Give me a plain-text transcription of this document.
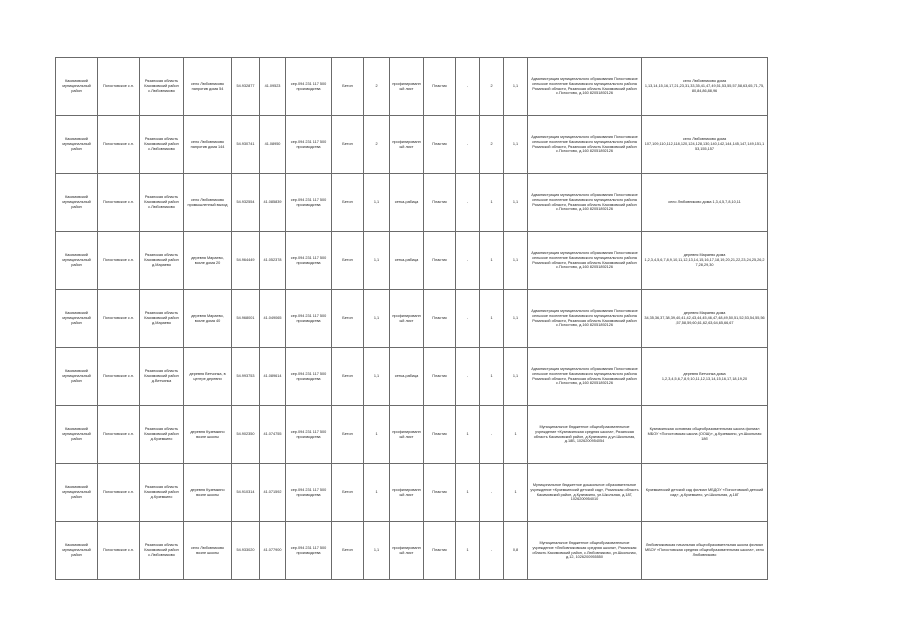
Касимовский муниципальный район	Погостовское с.п.	Рязанская область Касимовский район с.Любовниково	село Любовниково напротив дома 54	54.932877	41.09523	сер.094 231 117 500 производства	Бетон	2	профилированный лист	Пластик	-	2	1,1	Администрация муниципального образования Погостовское сельское поселение Касимовского муниципального района Рязанской области, Рязанская область Касимовский район с.Погостово, д.160 82051892126	село Любовниково дома 1,13,14,15,16,17,21,23,31,33,35,41,47,49,51,53,55,57,58,63,65,71,75,80,84,86,88,96
Касимовский муниципальный район	Погостовское с.п.	Рязанская область Касимовский район с.Любовниково	село Любовниково напротив дома 144	54.930741	41.08950	сер.094 231 117 500 производства	Бетон	2	профилированный лист	Пластик	-	2	1,1	Администрация муниципального образования Погостовское сельское поселение Касимовского муниципального района Рязанской области, Рязанская область Касимовский район с.Погостово, д.160 82051892126	село Любовниково дома 107,109,110,112,118,120,124,128,130,140,142,144,145,147,149,151,153,155,157
Касимовский муниципальный район	Погостовское с.п.	Рязанская область Касимовский район с.Любовниково	село Любовниково промышленный выход	54.932554	41.085839	сер.094 231 117 500 производства	Бетон	1,1	сетка-рабица	Пластик	-	1	1,1	Администрация муниципального образования Погостовское сельское поселение Касимовского муниципального района Рязанской области, Рязанская область Касимовский район с.Погостово, д.160 82051892126	село Любовниково дома 1,3,4,5,7,8,10,11
Касимовский муниципальный район	Погостовское с.п.	Рязанская область Касимовский район д.Мараево	деревня Мараево, возле дома 20	54.964449	41.052378	сер.094 231 117 500 производства	Бетон	1,1	сетка-рабица	Пластик	-	1	1,1	Администрация муниципального образования Погостовское сельское поселение Касимовского муниципального района Рязанской области, Рязанская область Касимовский район с.Погостово, д.160 82051892126	деревня Мараево дома 1,2,3,4,5,6,7,8,9,10,11,12,13,14,15,16,17,18,19,20,21,22,23,24,25,26,27,28,29,30
Касимовский муниципальный район	Погостовское с.п.	Рязанская область Касимовский район д.Мараево	деревня Мараево, возле дома 40	54.968001	41.049065	сер.094 231 117 500 производства	Бетон	1,1	профилированный лист	Пластик	-	1	1,1	Администрация муниципального образования Погостовское сельское поселение Касимовского муниципального района Рязанской области, Рязанская область Касимовский район с.Погостово, д.160 82051892126	деревня Мараево дома 34,35,36,37,38,39,40,41,42,43,44,45,46,47,48,49,50,51,52,53,54,55,56,57,58,59,60,61,62,63,64,65,66,67
Касимовский муниципальный район	Погостовское с.п.	Рязанская область Касимовский район д.Ветчинка	деревня Ветчинка, в центре деревни	54.993753	41.089614	сер.094 231 117 500 производства	Бетон	1,1	сетка-рабица	Пластик	-	1	1,1	Администрация муниципального образования Погостовское сельское поселение Касимовского муниципального района Рязанской области, Рязанская область Касимовский район с.Погостово, д.160 82051892126	деревня Ветчинка дома 1,2,3,4,5,6,7,8,9,10,11,12,13,14,15,16,17,18,19,20
Касимовский муниципальный район	Погостовское с.п.	Рязанская область Касимовский район д.Куземкино	деревня Куземкино возле школы	54.902350	41.074755	сер.094 231 117 500 производства	Бетон	1	профилированный лист	Пластик	1	-	1	Муниципальное бюджетное общеобразовательное учреждение «Куземкинская средняя школа», Рязанская область Касимовский район, д.Куземкино д.ул.Школьная, д.18Б, 1026200954054	Куземкинская основная общеобразовательная школа филиал МБОУ «Погостовская школа (ООШ)», д.Куземкино, ул.Школьная 18б
Касимовский муниципальный район	Погостовское с.п.	Рязанская область Касимовский район д.Куземкино	деревня Куземкино возле школы	54.910314	41.071592	сер.094 231 117 500 производства	Бетон	1	профилированный лист	Пластик	1	-	1	Муниципальное бюджетное дошкольное образовательное учреждение «Куземкинский детский сад», Рязанская область Касимовский район, д.Куземкино, ул.Школьная, д.18Г, 1026200954010	Куземкинский детский сад филиал МБДОУ «Погостовский детский сад», д.Куземкино, ул.Школьная, д.18Г
Касимовский муниципальный район	Погостовское с.п.	Рязанская область Касимовский район с.Любовниково	село Любовниково возле школы	54.933020	41.077900	сер.094 231 117 500 производства	Бетон	1,1	профилированный лист	Пластик	1	-	0,8	Муниципальное бюджетное общеобразовательное учреждение «Любовниковская средняя школа», Рязанская область Касимовский район, с.Любовниково, ул.Школьная, д.12, 1026200955550	Любовниковская начальная общеобразовательная школа филиал МБОУ «Погостовская средняя общеобразовательная школа», село Любовниково
